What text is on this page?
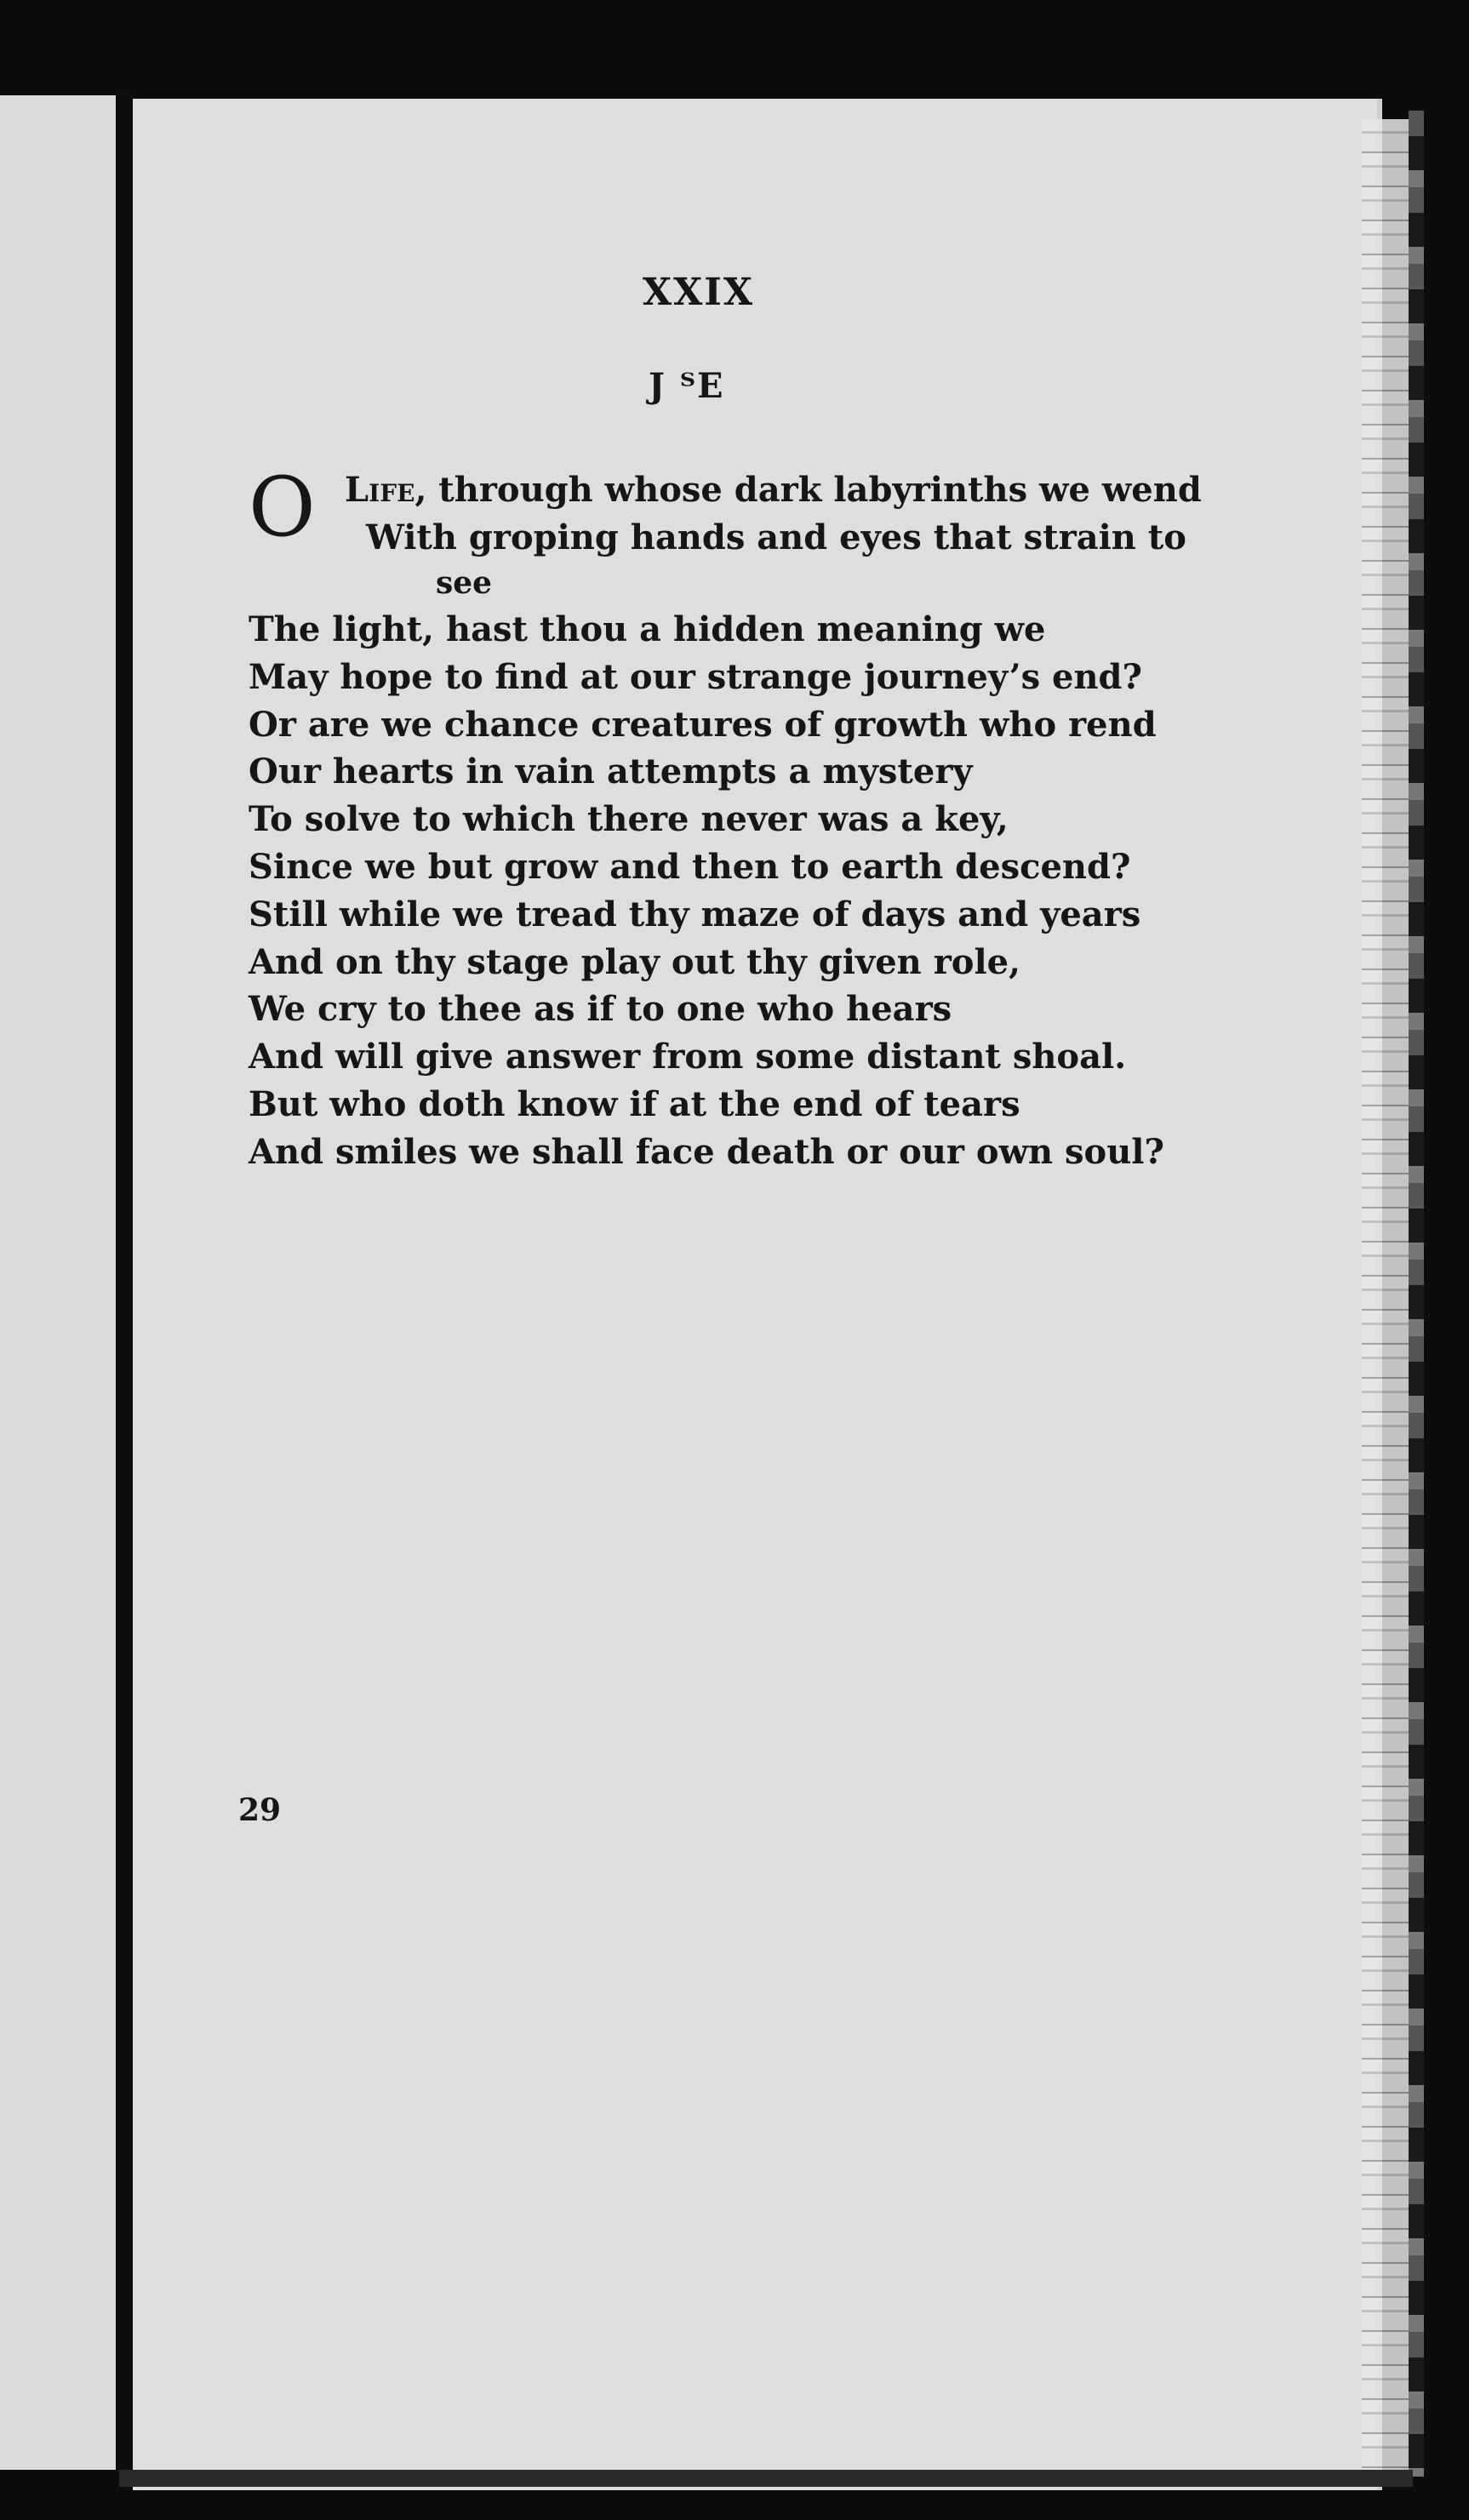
XXIX
J ᵀE
O Life, through whose dark labyrinths we wend
With groping hands and eyes that strain to
see
The light, hast thou a hidden meaning we
May hope to find at our strange journey’s end?
Or are we chance creatures of growth who rend
Our hearts in vain attempts a mystery
To solve to which there never was a key,
Since we but grow and then to earth descend?
Still while we tread thy maze of days and years
And on thy stage play out thy given role,
We cry to thee as if to one who hears
And will give answer from some distant shoal.
But who doth know if at the end of tears
And smiles we shall face death or our own soul?
29
